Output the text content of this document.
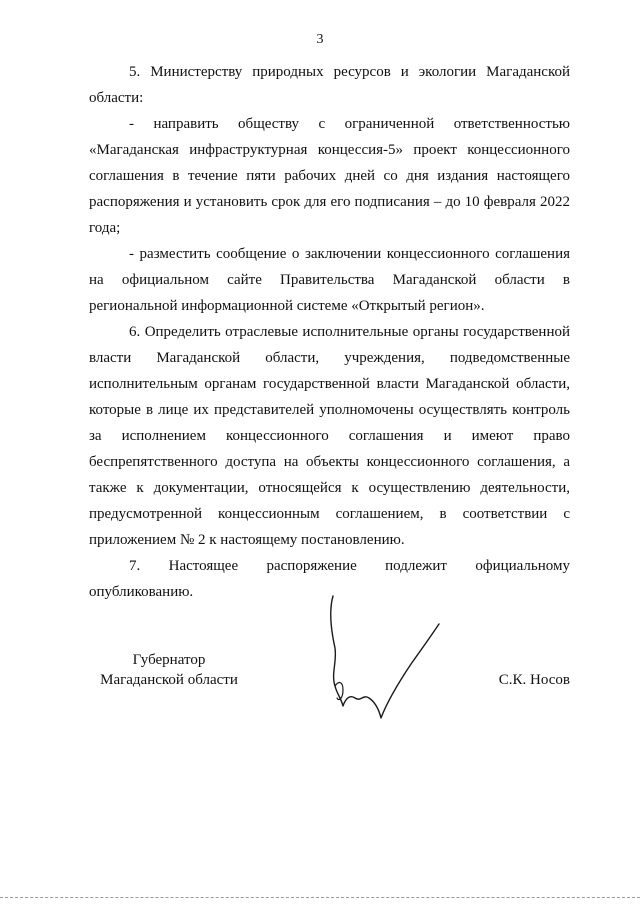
3

5. Министерству природных ресурсов и экологии Магаданской области:

- направить обществу с ограниченной ответственностью «Магаданская инфраструктурная концессия-5» проект концессионного соглашения в течение пяти рабочих дней со дня издания настоящего распоряжения и установить срок для его подписания – до 10 февраля 2022 года;

- разместить сообщение о заключении концессионного соглашения на официальном сайте Правительства Магаданской области в региональной информационной системе «Открытый регион».

6. Определить отраслевые исполнительные органы государственной власти Магаданской области, учреждения, подведомственные исполнительным органам государственной власти Магаданской области, которые в лице их представителей уполномочены осуществлять контроль за исполнением концессионного соглашения и имеют право беспрепятственного доступа на объекты концессионного соглашения, а также к документации, относящейся к осуществлению деятельности, предусмотренной концессионным соглашением, в соответствии с приложением № 2 к настоящему постановлению.

7. Настоящее распоряжение подлежит официальному опубликованию.

Губернатор
Магаданской области	С.К. Носов
